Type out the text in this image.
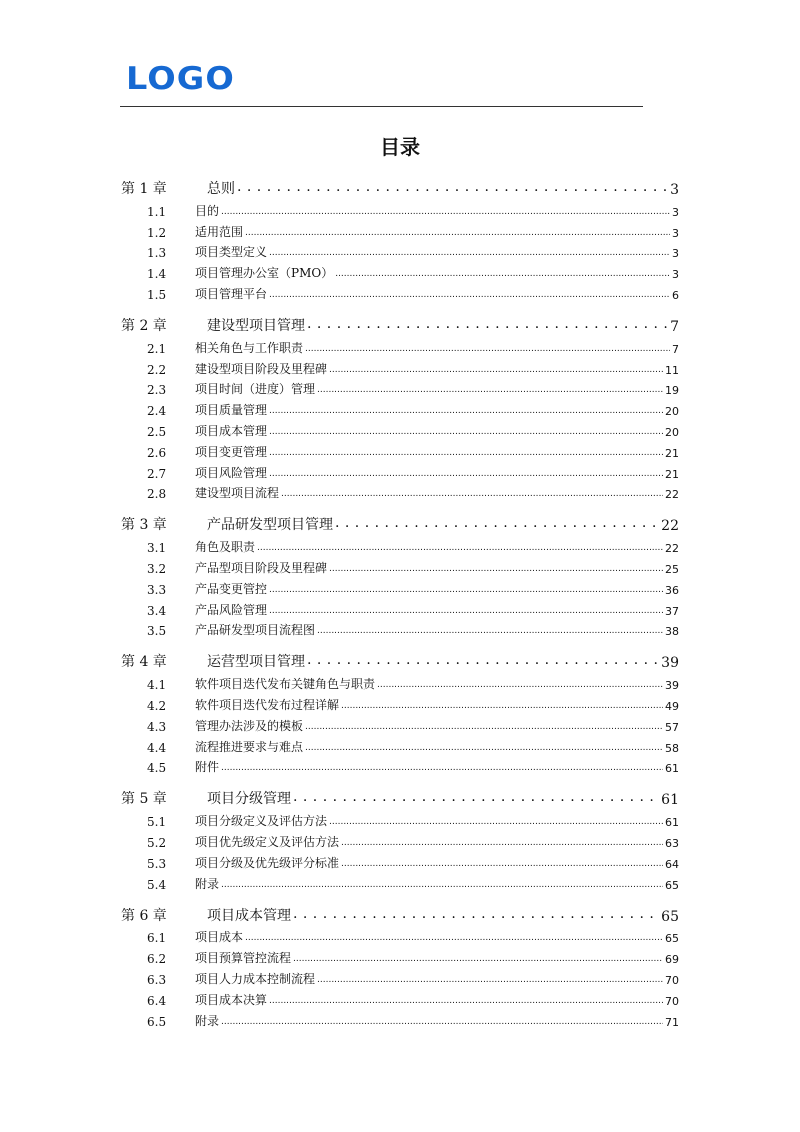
LOGO
目录
第 1 章	总则 . . .	3
1.1	目的 .....	3
1.2	适用范围 .....	3
1.3	项目类型定义 .....	3
1.4	项目管理办公室（PMO） .....	3
1.5	项目管理平台 .....	6
第 2 章	建设型项目管理 . . .	7
2.1	相关角色与工作职责 .....	7
2.2	建设型项目阶段及里程碑 .....	11
2.3	项目时间（进度）管理 .....	19
2.4	项目质量管理 .....	20
2.5	项目成本管理 .....	20
2.6	项目变更管理 .....	21
2.7	项目风险管理 .....	21
2.8	建设型项目流程 .....	22
第 3 章	产品研发型项目管理 . . .	22
3.1	角色及职责 .....	22
3.2	产品型项目阶段及里程碑 .....	25
3.3	产品变更管控 .....	36
3.4	产品风险管理 .....	37
3.5	产品研发型项目流程图 .....	38
第 4 章	运营型项目管理 . . .	39
4.1	软件项目迭代发布关键角色与职责 .....	39
4.2	软件项目迭代发布过程详解 .....	49
4.3	管理办法涉及的模板 .....	57
4.4	流程推进要求与难点 .....	58
4.5	附件 .....	61
第 5 章	项目分级管理 . . .	61
5.1	项目分级定义及评估方法 .....	61
5.2	项目优先级定义及评估方法 .....	63
5.3	项目分级及优先级评分标准 .....	64
5.4	附录 .....	65
第 6 章	项目成本管理 . . .	65
6.1	项目成本 .....	65
6.2	项目预算管控流程 .....	69
6.3	项目人力成本控制流程 .....	70
6.4	项目成本决算 .....	70
6.5	附录 .....	71
